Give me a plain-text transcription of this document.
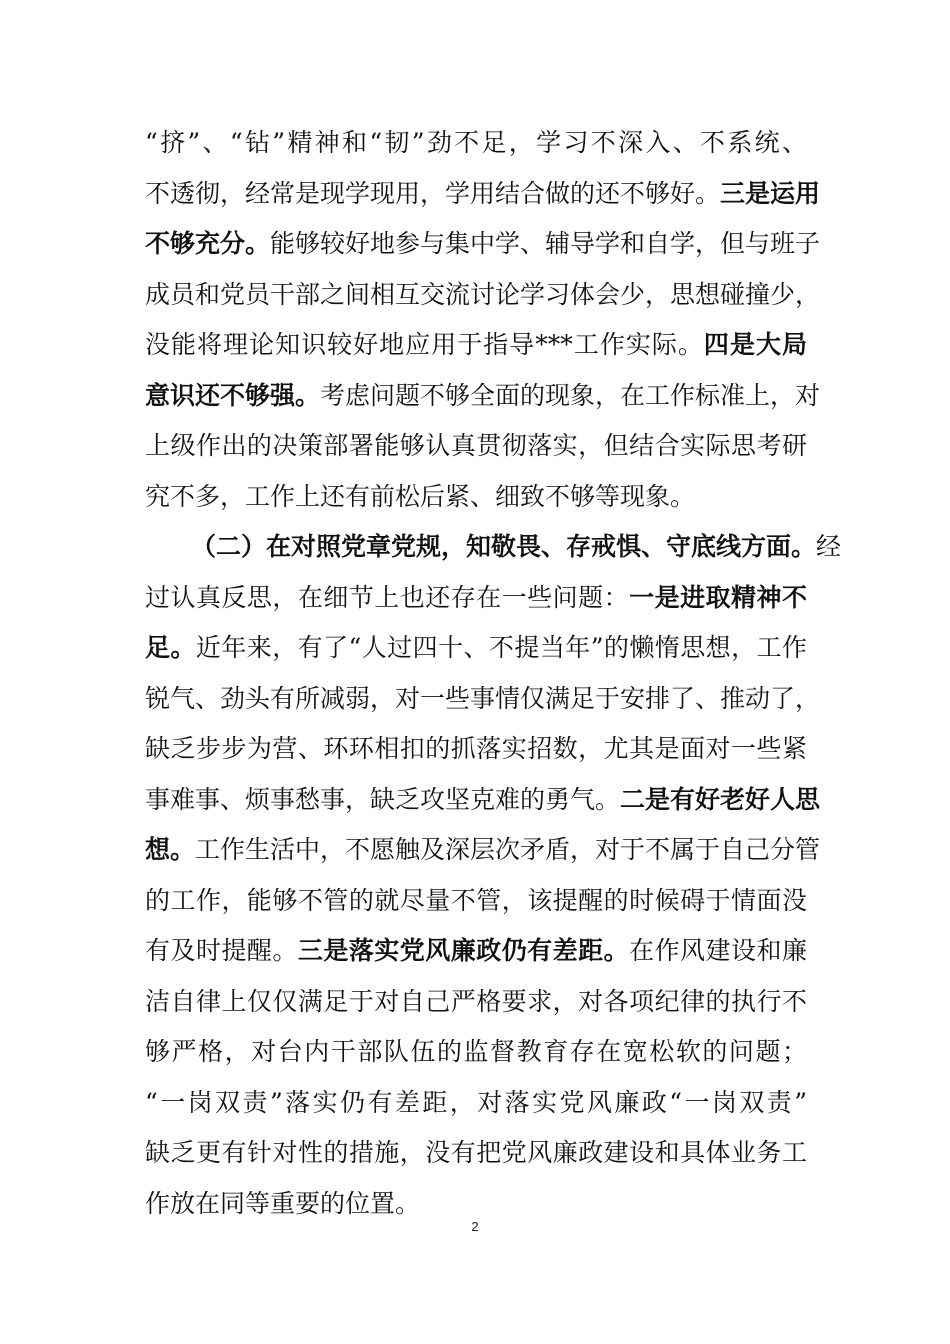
“挤”、“钻”精神和“韧”劲不足，学习不深入、不系统、
不透彻，经常是现学现用，学用结合做的还不够好。三是运用
不够充分。能够较好地参与集中学、辅导学和自学，但与班子
成员和党员干部之间相互交流讨论学习体会少，思想碰撞少，
没能将理论知识较好地应用于指导***工作实际。四是大局
意识还不够强。考虑问题不够全面的现象，在工作标准上，对
上级作出的决策部署能够认真贯彻落实，但结合实际思考研
究不多，工作上还有前松后紧、细致不够等现象。
（二）在对照党章党规，知敬畏、存戒惧、守底线方面。经
过认真反思，在细节上也还存在一些问题：一是进取精神不
足。近年来，有了“人过四十、不提当年”的懒惰思想，工作
锐气、劲头有所减弱，对一些事情仅满足于安排了、推动了，
缺乏步步为营、环环相扣的抓落实招数，尤其是面对一些紧
事难事、烦事愁事，缺乏攻坚克难的勇气。二是有好老好人思
想。工作生活中，不愿触及深层次矛盾，对于不属于自己分管
的工作，能够不管的就尽量不管，该提醒的时候碍于情面没
有及时提醒。三是落实党风廉政仍有差距。在作风建设和廉
洁自律上仅仅满足于对自己严格要求，对各项纪律的执行不
够严格，对台内干部队伍的监督教育存在宽松软的问题；
“一岗双责”落实仍有差距，对落实党风廉政“一岗双责”
缺乏更有针对性的措施，没有把党风廉政建设和具体业务工
作放在同等重要的位置。
2
